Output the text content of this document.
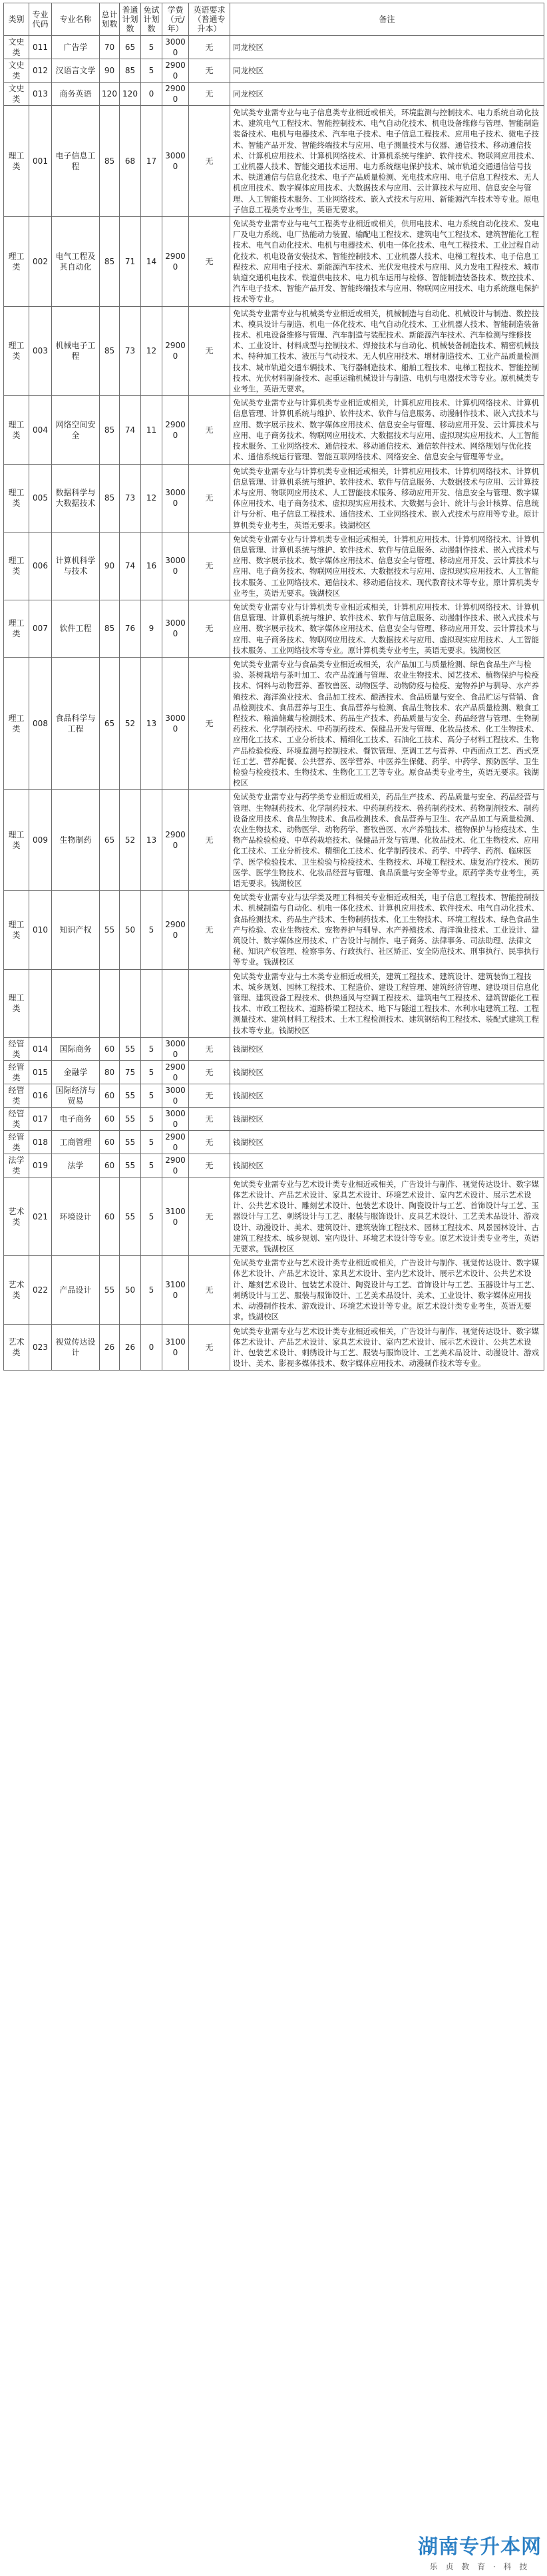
类别	专业代码	专业名称	总计划数	普通计划数	免试计划数	学费（元/年）	英语要求（普通专升本）	备注
文史类	011	广告学	70	65	5	30000	无	同龙校区
文史类	012	汉语言文学	90	85	5	29000	无	同龙校区
文史类	013	商务英语	120	120	0	29000	无	同龙校区
理工类	001	电子信息工程	85	68	17	30000	无	免试类专业需专业与电子信息类专业相近或相关，环境监测与控制技术、电力系统自动化技术、建筑电气工程技术、智能控制技术、电气自动化技术、机电设备维修与管理、智能制造装备技术、电机与电器技术、汽车电子技术、电子信息工程技术、应用电子技术、微电子技术、智能产品开发、智能终端技术与应用、电子测量技术与仪器、通信技术、移动通信技术、计算机应用技术、计算机网络技术、计算机系统与维护、软件技术、物联网应用技术、工业机器人技术、智能交通技术运用、电力系统继电保护技术、城市轨道交通通信信号技术、铁道通信与信息化技术、电子产品质量检测、光电技术应用、电子信息工程技术、无人机应用技术、数字媒体应用技术、大数据技术与应用、云计算技术与应用、信息安全与管理、人工智能技术服务、工业网络技术、嵌入式技术与应用、新能源汽车技术等专业。原电子信息工程类专业考生，英语无要求。
理工类	002	电气工程及其自动化	85	71	14	29000	无	免试类专业需专业与电气工程类专业相近或相关，供用电技术、电力系统自动化技术、发电厂及电力系统、电厂热能动力装置、输配电工程技术、建筑电气工程技术、建筑智能化工程技术、电气自动化技术、电机与电器技术、机电一体化技术、电气工程技术、工业过程自动化技术、机电设备安装技术、智能控制技术、工业机器人技术、电梯工程技术、电子信息工程技术、应用电子技术、新能源汽车技术、光伏发电技术与应用、风力发电工程技术、城市轨道交通机电技术、铁道供电技术、电力机车运用与检修、智能制造装备技术、数控技术、汽车电子技术、智能产品开发、智能终端技术与应用、物联网应用技术、电力系统继电保护技术等专业。
理工类	003	机械电子工程	85	73	12	29000	无	免试类专业需专业与机械类专业相近或相关，机械制造与自动化、机械设计与制造、数控技术、模具设计与制造、机电一体化技术、电气自动化技术、工业机器人技术、智能制造装备技术、机电设备维修与管理、汽车制造与装配技术、新能源汽车技术、汽车检测与维修技术、工业设计、材料成型与控制技术、焊接技术与自动化、机械装备制造技术、精密机械技术、特种加工技术、液压与气动技术、无人机应用技术、增材制造技术、工业产品质量检测技术、城市轨道交通车辆技术、飞行器制造技术、船舶工程技术、电梯工程技术、智能控制技术、光伏材料制备技术、起重运输机械设计与制造、电机与电器技术等专业。原机械类专业考生，英语无要求。
理工类	004	网络空间安全	85	74	11	29000	无	免试类专业需专业与计算机类专业相近或相关，计算机应用技术、计算机网络技术、计算机信息管理、计算机系统与维护、软件技术、软件与信息服务、动漫制作技术、嵌入式技术与应用、数字展示技术、数字媒体应用技术、信息安全与管理、移动应用开发、云计算技术与应用、电子商务技术、物联网应用技术、大数据技术与应用、虚拟现实应用技术、人工智能技术服务、工业网络技术、通信技术、移动通信技术、通信软件技术、网络规划与优化技术、通信系统运行管理、智能互联网络技术、网络安全、信息安全与管理等专业。
理工类	005	数据科学与大数据技术	85	73	12	30000	无	免试类专业需专业与计算机类专业相近或相关，计算机应用技术、计算机网络技术、计算机信息管理、计算机系统与维护、软件技术、软件与信息服务、大数据技术与应用、云计算技术与应用、物联网应用技术、人工智能技术服务、移动应用开发、信息安全与管理、数字媒体应用技术、电子商务技术、虚拟现实应用技术、大数据与会计、统计与会计核算、信息统计与分析、电子信息工程技术、通信技术、工业网络技术、嵌入式技术与应用等专业。原计算机类专业考生，英语无要求。钱湖校区
理工类	006	计算机科学与技术	90	74	16	30000	无	免试类专业需专业与计算机类专业相近或相关，计算机应用技术、计算机网络技术、计算机信息管理、计算机系统与维护、软件技术、软件与信息服务、动漫制作技术、嵌入式技术与应用、数字展示技术、数字媒体应用技术、信息安全与管理、移动应用开发、云计算技术与应用、电子商务技术、物联网应用技术、大数据技术与应用、虚拟现实应用技术、人工智能技术服务、工业网络技术、通信技术、移动通信技术、现代教育技术等专业。原计算机类专业考生，英语无要求。钱湖校区
理工类	007	软件工程	85	76	9	30000	无	免试类专业需专业与计算机类专业相近或相关，计算机应用技术、计算机网络技术、计算机信息管理、计算机系统与维护、软件技术、软件与信息服务、动漫制作技术、嵌入式技术与应用、数字展示技术、数字媒体应用技术、信息安全与管理、移动应用开发、云计算技术与应用、电子商务技术、物联网应用技术、大数据技术与应用、虚拟现实应用技术、人工智能技术服务、工业网络技术等专业。原计算机类专业考生，英语无要求。钱湖校区
理工类	008	食品科学与工程	65	52	13	30000	无	免试类专业需专业与食品类专业相近或相关，农产品加工与质量检测、绿色食品生产与检验、茶树栽培与茶叶加工、农产品流通与管理、农业生物技术、园艺技术、植物保护与检疫技术、饲料与动物营养、畜牧兽医、动物医学、动物防疫与检疫、宠物养护与驯导、水产养殖技术、海洋渔业技术、食品加工技术、酿酒技术、食品质量与安全、食品贮运与营销、食品检测技术、食品营养与卫生、食品营养与检测、食品生物技术、农产品质量检测、粮食工程技术、粮油储藏与检测技术、药品生产技术、药品质量与安全、药品经营与管理、生物制药技术、化学制药技术、中药制药技术、保健品开发与管理、化妆品技术、化工生物技术、应用化工技术、工业分析技术、精细化工技术、石油化工技术、高分子材料工程技术、生物产品检验检疫、环境监测与控制技术、餐饮管理、烹调工艺与营养、中西面点工艺、西式烹饪工艺、营养配餐、公共营养、医学营养、中医养生保健、药学、中药学、预防医学、卫生检验与检疫技术、生物技术、生物化工工艺等专业。原食品类专业考生，英语无要求。钱湖校区
理工类	009	生物制药	65	52	13	29000	无	免试类专业需专业与药学类专业相近或相关，药品生产技术、药品质量与安全、药品经营与管理、生物制药技术、化学制药技术、中药制药技术、兽药制药技术、药物制剂技术、制药设备应用技术、食品生物技术、食品检测技术、食品营养与卫生、农产品加工与质量检测、农业生物技术、动物医学、动物药学、畜牧兽医、水产养殖技术、植物保护与检疫技术、生物产品检验检疫、中草药栽培技术、保健品开发与管理、化妆品技术、化工生物技术、应用化工技术、工业分析技术、精细化工技术、化学制药技术、药学、中药学、药剂、临床医学、医学检验技术、卫生检验与检疫技术、生物技术、环境工程技术、康复治疗技术、预防医学、医学生物技术、化妆品经营与管理、食品质量与安全等专业。原药学类专业考生，英语无要求。钱湖校区
理工类	010	知识产权	55	50	5	29000	无	免试类专业需专业与法学类及理工科相关专业相近或相关，电子信息工程技术、智能控制技术、机械制造与自动化、机电一体化技术、计算机应用技术、软件技术、电气自动化技术、食品检测技术、药品生产技术、生物制药技术、化工生物技术、环境工程技术、绿色食品生产与检验、农业生物技术、宠物养护与驯导、水产养殖技术、海洋渔业技术、工业设计、建筑设计、数字媒体应用技术、广告设计与制作、电子商务、法律事务、司法助理、法律文秘、知识产权管理、检察事务、行政执行、社区矫正、安全防范技术、刑事执行、民事执行等专业。钱湖校区
理工类								免试类专业需专业与土木类专业相近或相关，建筑工程技术、建筑设计、建筑装饰工程技术、城乡规划、园林工程技术、工程造价、建设工程管理、建筑经济管理、建设项目信息化管理、建筑设备工程技术、供热通风与空调工程技术、建筑电气工程技术、建筑智能化工程技术、市政工程技术、道路桥梁工程技术、地下与隧道工程技术、水利水电建筑工程、工程测量技术、建筑材料工程技术、土木工程检测技术、建筑钢结构工程技术、装配式建筑工程技术等专业。钱湖校区
经管类	014	国际商务	60	55	5	30000	无	钱湖校区
经管类	015	金融学	80	75	5	29000	无	钱湖校区
经管类	016	国际经济与贸易	60	55	5	30000	无	钱湖校区
经管类	017	电子商务	60	55	5	30000	无	钱湖校区
经管类	018	工商管理	60	55	5	29000	无	钱湖校区
法学类	019	法学	60	55	5	29000	无	钱湖校区
艺术类	021	环境设计	60	55	5	31000	无	免试类专业需专业与艺术设计类专业相近或相关，广告设计与制作、视觉传达设计、数字媒体艺术设计、产品艺术设计、家具艺术设计、环境艺术设计、室内艺术设计、展示艺术设计、公共艺术设计、雕刻艺术设计、包装艺术设计、陶瓷设计与工艺、首饰设计与工艺、玉器设计与工艺、刺绣设计与工艺、服装与服饰设计、皮具艺术设计、工艺美术品设计、游戏设计、动漫设计、美术、建筑设计、建筑装饰工程技术、园林工程技术、风景园林设计、古建筑工程技术、城乡规划、室内设计、环境艺术设计等专业。原艺术设计类专业考生，英语无要求。钱湖校区
艺术类	022	产品设计	55	50	5	31000	无	免试类专业需专业与艺术设计类专业相近或相关，广告设计与制作、视觉传达设计、数字媒体艺术设计、产品艺术设计、家具艺术设计、室内艺术设计、展示艺术设计、公共艺术设计、雕刻艺术设计、包装艺术设计、陶瓷设计与工艺、首饰设计与工艺、玉器设计与工艺、刺绣设计与工艺、服装与服饰设计、工艺美术品设计、美术、工业设计、数字媒体应用技术、动漫制作技术、游戏设计、环境艺术设计等专业。原艺术设计类专业考生，英语无要求。钱湖校区
艺术类	023	视觉传达设计	26	26	0	31000	无	免试类专业需专业与艺术设计类专业相近或相关，广告设计与制作、视觉传达设计、数字媒体艺术设计、产品艺术设计、家具艺术设计、室内艺术设计、展示艺术设计、公共艺术设计、包装艺术设计、刺绣设计与工艺、服装与服饰设计、工艺美术品设计、动漫设计、游戏设计、美术、影视多媒体技术、数字媒体应用技术、动漫制作技术等专业。
湖南专升本网
乐 贞 教 育 · 科 技
